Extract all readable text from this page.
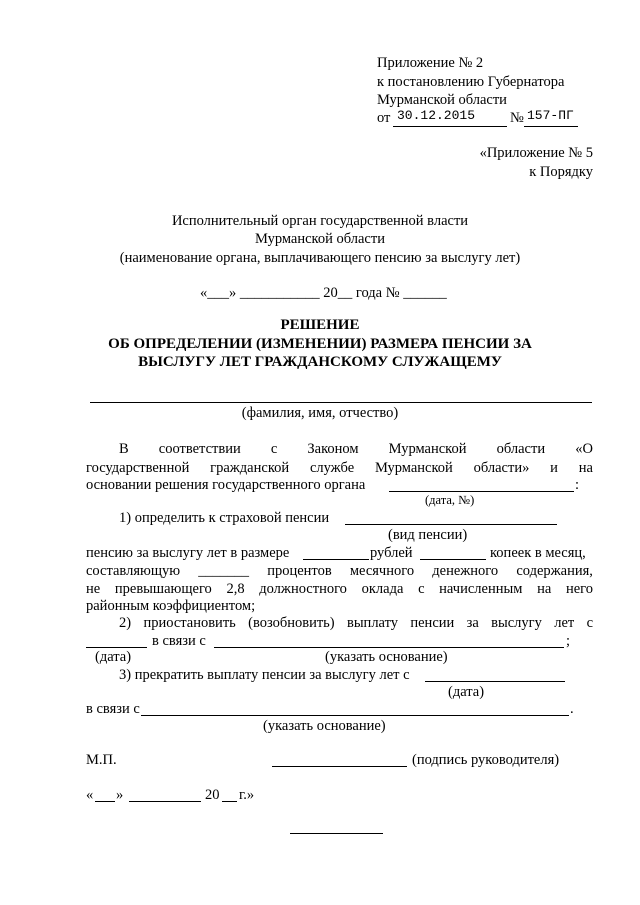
Приложение № 2
к постановлению Губернатора
Мурманской области
от 30.12.2015 № 157-ПГ
«Приложение № 5
к Порядку
Исполнительный орган государственной власти
Мурманской области
(наименование органа, выплачивающего пенсию за выслугу лет)
«___» ___________ 20__ года № ______
РЕШЕНИЕ
ОБ ОПРЕДЕЛЕНИИ (ИЗМЕНЕНИИ) РАЗМЕРА ПЕНСИИ ЗА
ВЫСЛУГУ ЛЕТ ГРАЖДАНСКОМУ СЛУЖАЩЕМУ
(фамилия, имя, отчество)
В соответствии с Законом Мурманской области «О
государственной гражданской службе Мурманской области» и на
основании решения государственного органа	:
(дата, №)
1) определить к страховой пенсии
(вид пенсии)
пенсию за выслугу лет в размере	рублей	копеек в месяц,
составляющую _______ процентов месячного денежного содержания,
не превышающего 2,8 должностного оклада с начисленным на него
районным коэффициентом;
2) приостановить (возобновить) выплату пенсии за выслугу лет с
в связи с	;
(дата)	(указать основание)
3) прекратить выплату пенсии за выслугу лет с
(дата)
в связи с	.
(указать основание)
М.П.	(подпись руководителя)
« »	20 г.»
